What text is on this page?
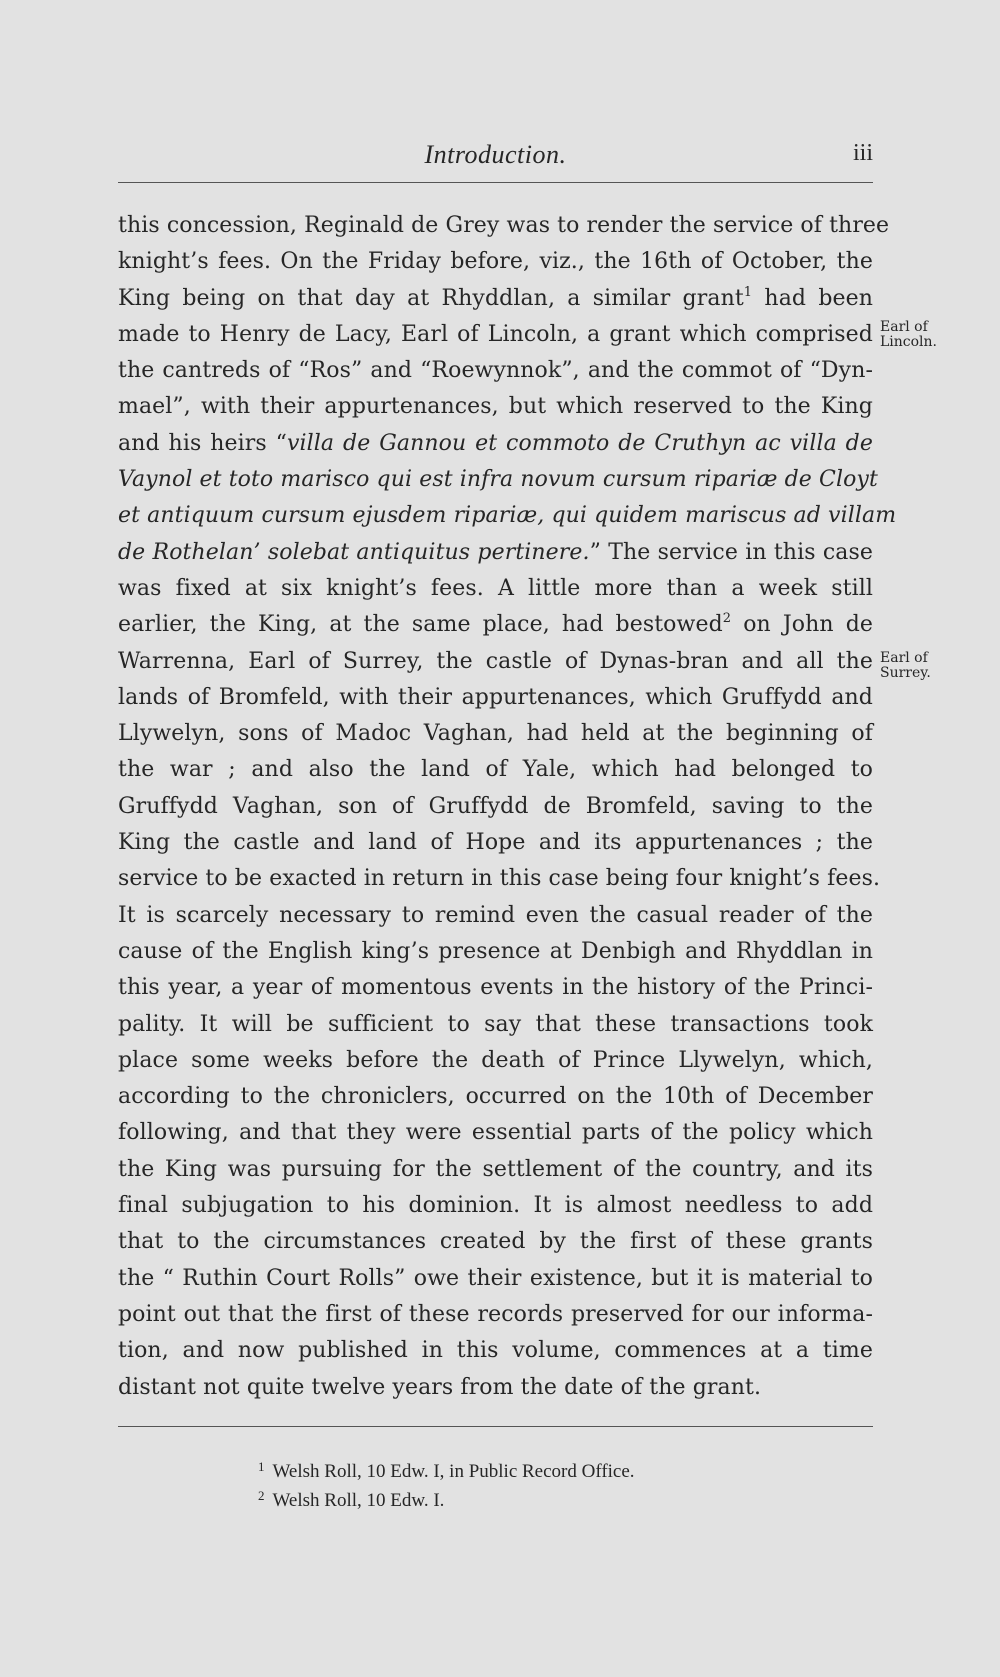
Introduction.	iii
this concession, Reginald de Grey was to render the service of three
knight’s fees. On the Friday before, viz., the 16th of October, the
King being on that day at Rhyddlan, a similar grant$^1$ had been
made to Henry de Lacy, Earl of Lincoln, a grant which comprised
the cantreds of “Ros” and “Roewynnok”, and the commot of “Dyn-
mael”, with their appurtenances, but which reserved to the King
and his heirs “villa de Gannou et commoto de Cruthyn ac villa de
Vaynol et toto marisco qui est infra novum cursum ripariæ de Cloyt
et antiquum cursum ejusdem ripariæ, qui quidem mariscus ad villam
de Rothelan’ solebat antiquitus pertinere.” The service in this case
was fixed at six knight’s fees. A little more than a week still
earlier, the King, at the same place, had bestowed$^2$ on John de
Warrenna, Earl of Surrey, the castle of Dynas-bran and all the
lands of Bromfeld, with their appurtenances, which Gruffydd and
Llywelyn, sons of Madoc Vaghan, had held at the beginning of
the war ; and also the land of Yale, which had belonged to
Gruffydd Vaghan, son of Gruffydd de Bromfeld, saving to the
King the castle and land of Hope and its appurtenances ; the
service to be exacted in return in this case being four knight’s fees.
It is scarcely necessary to remind even the casual reader of the
cause of the English king’s presence at Denbigh and Rhyddlan in
this year, a year of momentous events in the history of the Princi-
pality. It will be sufficient to say that these transactions took
place some weeks before the death of Prince Llywelyn, which,
according to the chroniclers, occurred on the 10th of December
following, and that they were essential parts of the policy which
the King was pursuing for the settlement of the country, and its
final subjugation to his dominion. It is almost needless to add
that to the circumstances created by the first of these grants
the “ Ruthin Court Rolls” owe their existence, but it is material to
point out that the first of these records preserved for our informa-
tion, and now published in this volume, commences at a time
distant not quite twelve years from the date of the grant.
Earl of
Lincoln.
Earl of
Surrey.
$^1$ Welsh Roll, 10 Edw. I, in Public Record Office.
$^2$ Welsh Roll, 10 Edw. I.
